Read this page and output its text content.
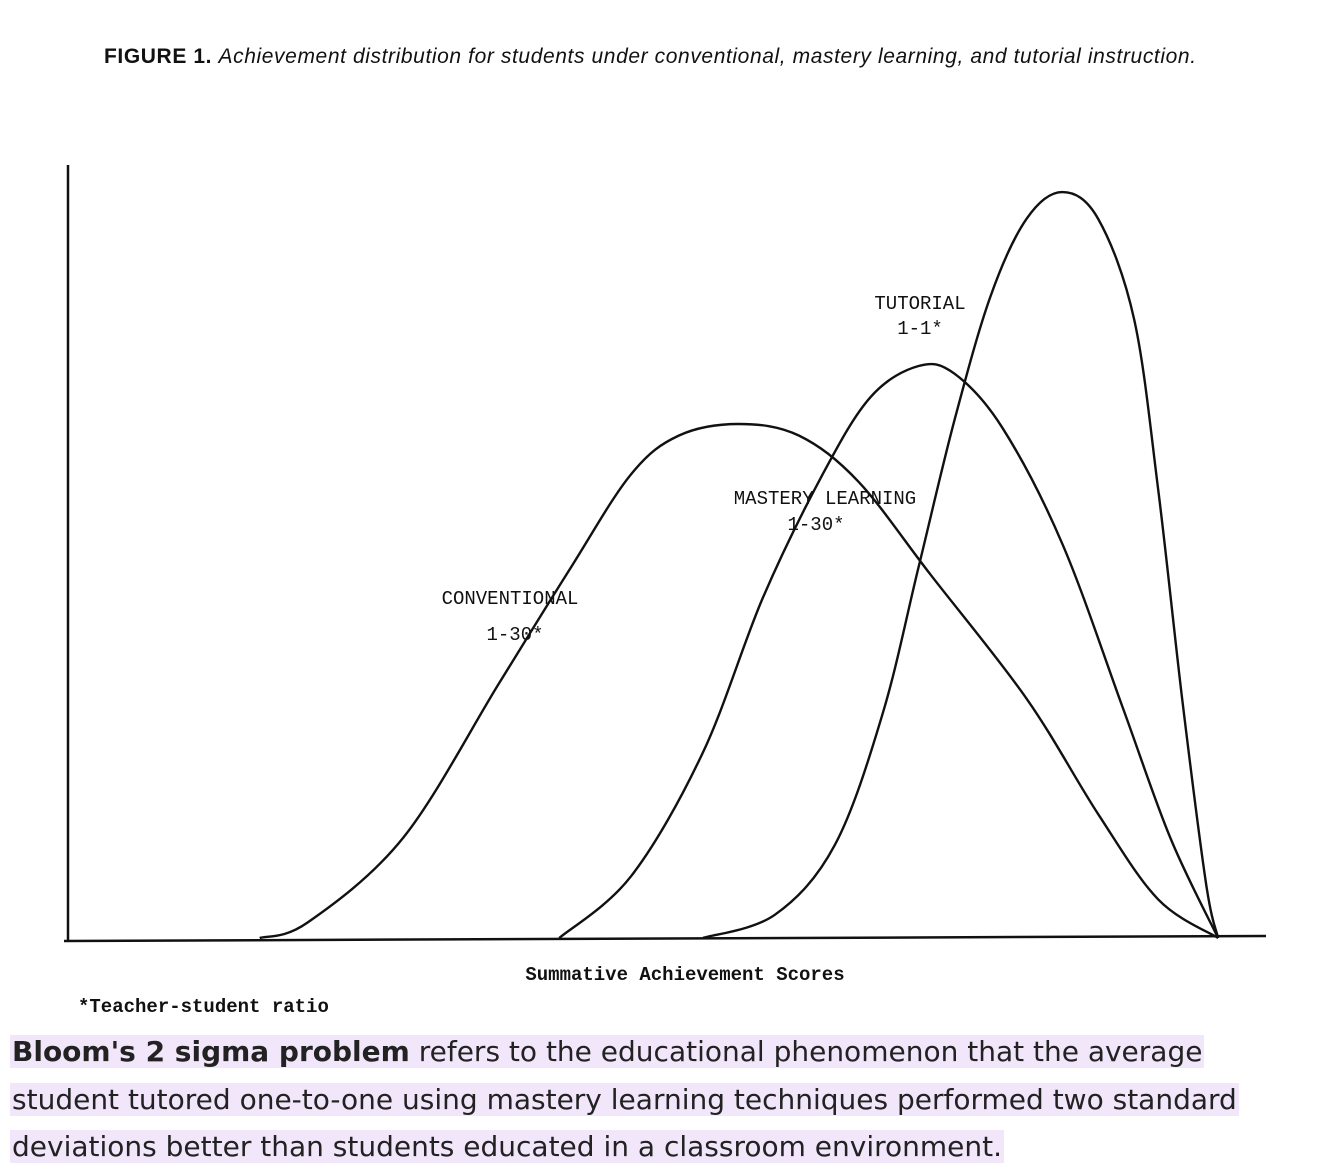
FIGURE 1. Achievement distribution for students under conventional, mastery learning, and tutorial instruction.
TUTORIAL
1-1*
MASTERY LEARNING
1-30*
CONVENTIONAL
1-30*
Summative Achievement Scores
*Teacher-student ratio
Bloom's 2 sigma problem refers to the educational phenomenon that the average student tutored one-to-one using mastery learning techniques performed two standard deviations better than students educated in a classroom environment.
